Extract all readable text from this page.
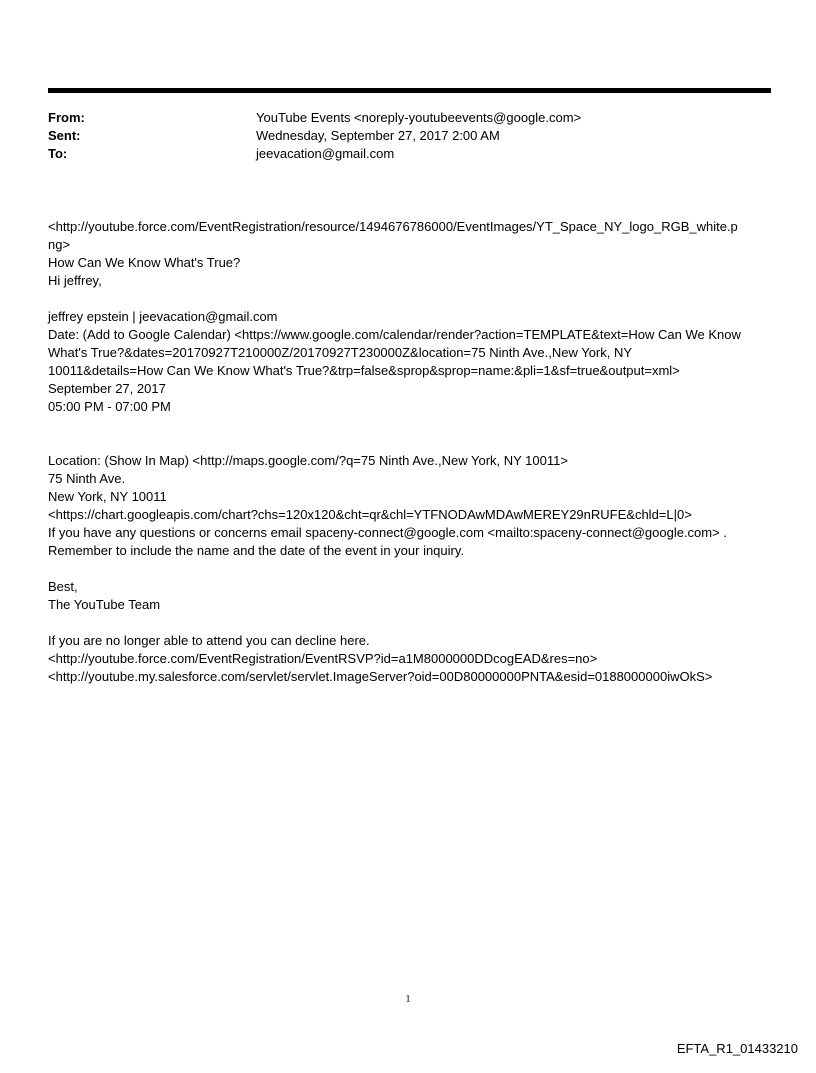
From:	YouTube Events <noreply-youtubeevents@google.com>
Sent:	Wednesday, September 27, 2017 2:00 AM
To:	jeevacation@gmail.com

<http://youtube.force.com/EventRegistration/resource/1494676786000/EventImages/YT_Space_NY_logo_RGB_white.p

ng>

How Can We Know What's True?

Hi jeffrey,

jeffrey epstein | jeevacation@gmail.com

Date: (Add to Google Calendar) <https://www.google.com/calendar/render?action=TEMPLATE&text=How Can We Know

What's True?&dates=20170927T210000Z/20170927T230000Z&location=75 Ninth Ave.,New York, NY

10011&details=How Can We Know What's True?&trp=false&sprop&sprop=name:&pli=1&sf=true&output=xml>

September 27, 2017

05:00 PM - 07:00 PM

Location: (Show In Map) <http://maps.google.com/?q=75 Ninth Ave.,New York, NY 10011>

75 Ninth Ave.

New York, NY 10011

<https://chart.googleapis.com/chart?chs=120x120&cht=qr&chl=YTFNODAwMDAwMEREY29nRUFE&chld=L|0>

If you have any questions or concerns email spaceny-connect@google.com <mailto:spaceny-connect@google.com> .

Remember to include the name and the date of the event in your inquiry.

Best,

The YouTube Team

If you are no longer able to attend you can decline here.

<http://youtube.force.com/EventRegistration/EventRSVP?id=a1M8000000DDcogEAD&res=no>

<http://youtube.my.salesforce.com/servlet/servlet.ImageServer?oid=00D80000000PNTA&esid=0188000000iwOkS>

1
EFTA_R1_01433210
